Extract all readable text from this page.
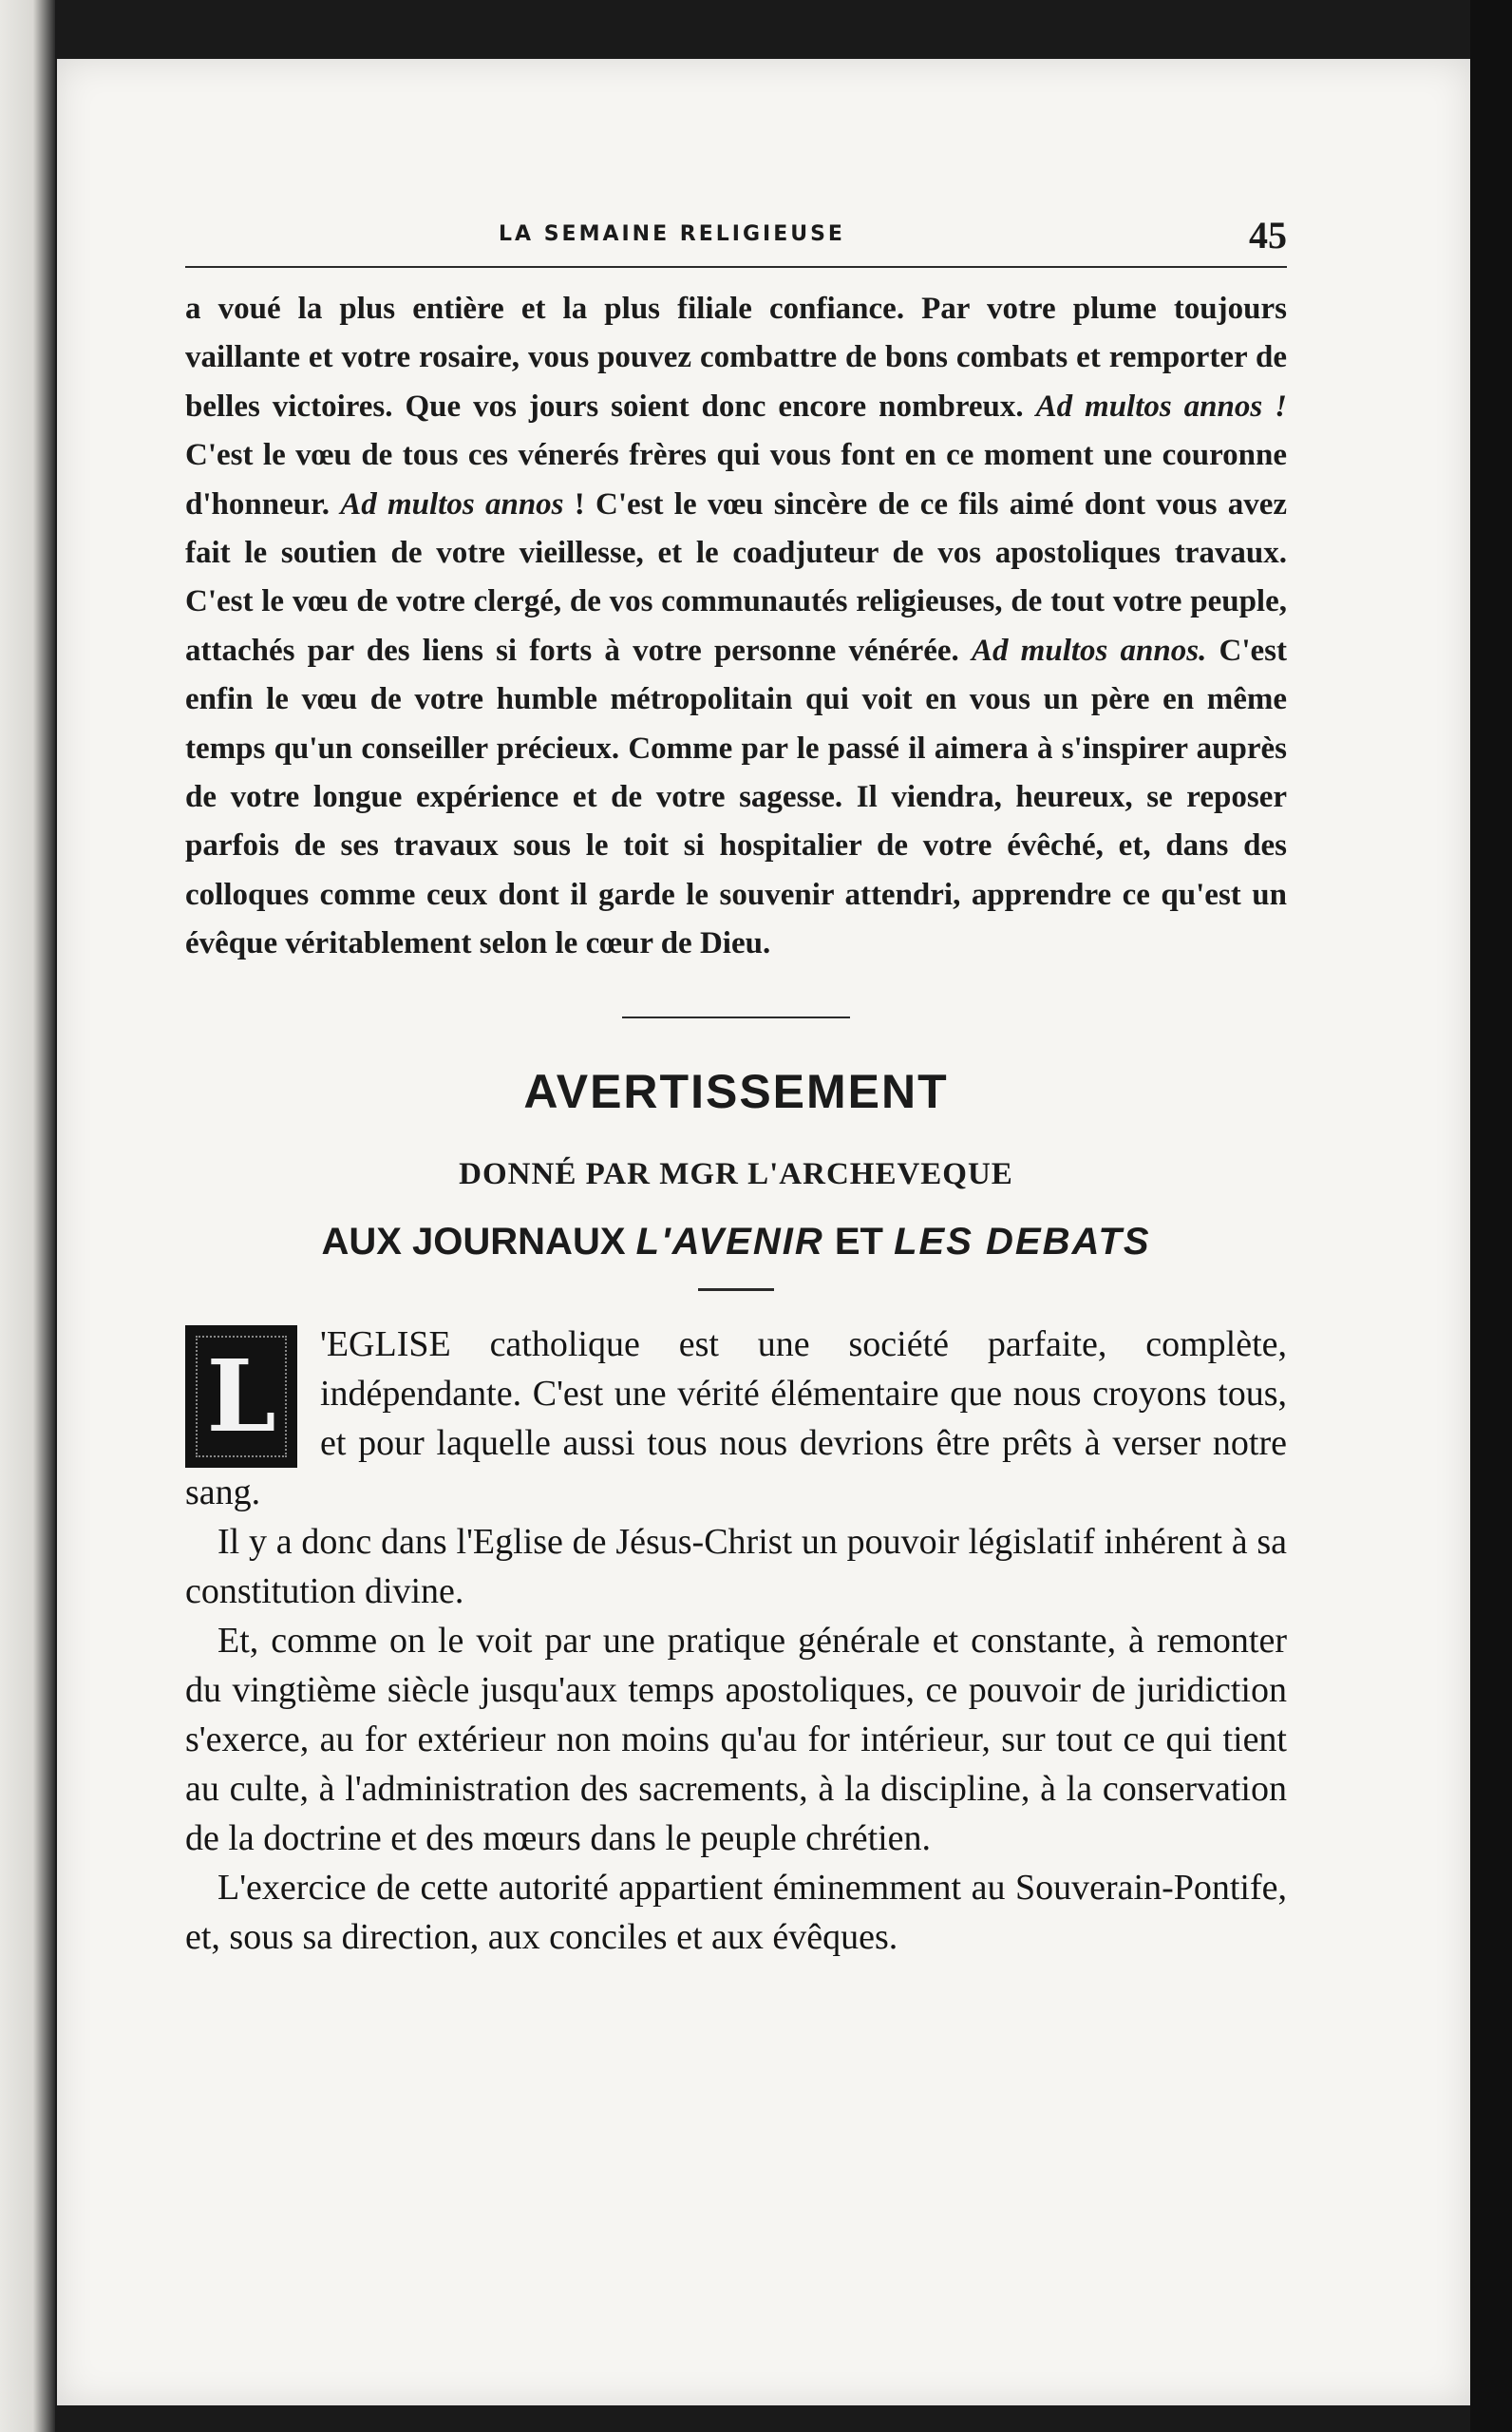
LA SEMAINE RELIGIEUSE	45

a voué la plus entière et la plus filiale confiance. Par votre plume toujours vaillante et votre rosaire, vous pouvez combattre de bons combats et remporter de belles victoires. Que vos jours soient donc encore nombreux. Ad multos annos ! C'est le vœu de tous ces vénerés frères qui vous font en ce moment une couronne d'honneur. Ad multos annos ! C'est le vœu sincère de ce fils aimé dont vous avez fait le soutien de votre vieillesse, et le coadjuteur de vos apostoliques travaux. C'est le vœu de votre clergé, de vos communautés religieuses, de tout votre peuple, attachés par des liens si forts à votre personne vénérée. Ad multos annos. C'est enfin le vœu de votre humble métropolitain qui voit en vous un père en même temps qu'un conseiller précieux. Comme par le passé il aimera à s'inspirer auprès de votre longue expérience et de votre sagesse. Il viendra, heureux, se reposer parfois de ses travaux sous le toit si hospitalier de votre évêché, et, dans des colloques comme ceux dont il garde le souvenir attendri, apprendre ce qu'est un évêque véritablement selon le cœur de Dieu.

AVERTISSEMENT
DONNÉ PAR MGR L'ARCHEVEQUE
AUX JOURNAUX L'AVENIR ET LES DEBATS
L	'EGLISE catholique est une société parfaite, complète, indépendante. C'est une vérité élémentaire que nous croyons tous, et pour laquelle aussi tous nous devrions être prêts à verser notre sang.

Il y a donc dans l'Eglise de Jésus-Christ un pouvoir législatif inhérent à sa constitution divine.

Et, comme on le voit par une pratique générale et constante, à remonter du vingtième siècle jusqu'aux temps apostoliques, ce pouvoir de juridiction s'exerce, au for extérieur non moins qu'au for intérieur, sur tout ce qui tient au culte, à l'administration des sacrements, à la discipline, à la conservation de la doctrine et des mœurs dans le peuple chrétien.

L'exercice de cette autorité appartient éminemment au Souverain-Pontife, et, sous sa direction, aux conciles et aux évêques.
